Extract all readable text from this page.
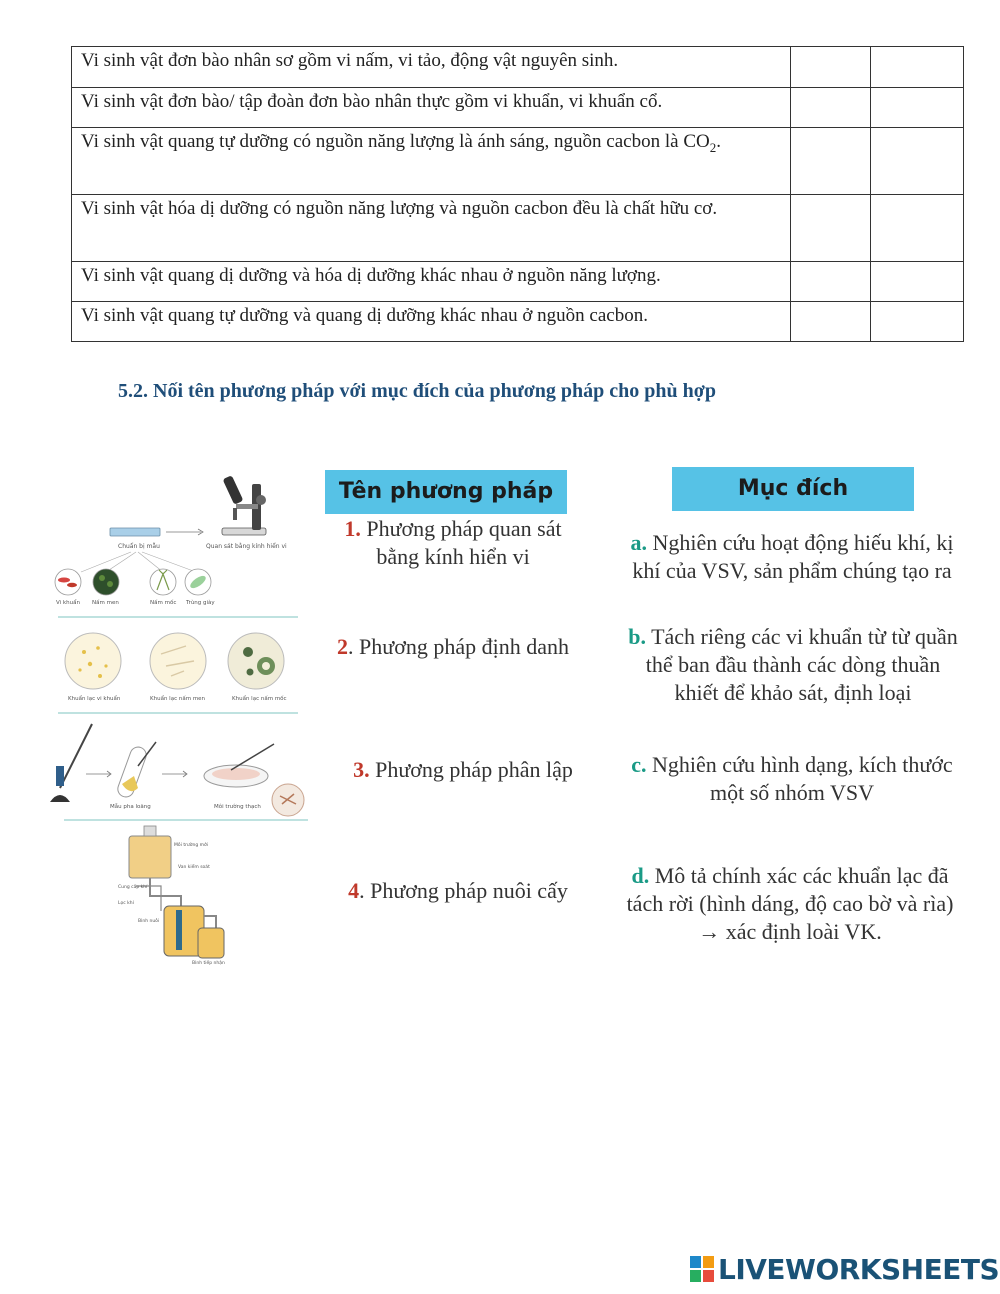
Vi sinh vật đơn bào nhân sơ gồm vi nấm, vi tảo, động vật nguyên sinh.		
Vi sinh vật đơn bào/ tập đoàn đơn bào nhân thực gồm vi khuẩn, vi khuẩn cổ.		
Vi sinh vật quang tự dưỡng có nguồn năng lượng là ánh sáng, nguồn cacbon là $CO_2$.		
Vi sinh vật hóa dị dưỡng có nguồn năng lượng và nguồn cacbon đều là chất hữu cơ.		
Vi sinh vật quang dị dưỡng và hóa dị dưỡng khác nhau ở nguồn năng lượng.		
Vi sinh vật quang tự dưỡng và quang dị dưỡng khác nhau ở nguồn cacbon.		
5.2. Nối tên phương pháp với mục đích của phương pháp cho phù hợp
Chuẩn bị mẫu	Quan sát bằng kính hiển vi
Vi khuẩn Nấm men	Nấm mốc Trùng giày
Khuẩn lạc vi khuẩn	Khuẩn lạc nấm men	Khuẩn lạc nấm mốc
Mẫu pha loãng	Môi trường thạch
Môi trường mới
Van kiểm soát
Cung cấp khí
Lọc khí
Bình nuôi
Bình tiếp nhận
Tên phương pháp	Mục đích
1. Phương pháp quan sát bằng kính hiển vi
2. Phương pháp định danh
3. Phương pháp phân lập
4. Phương pháp nuôi cấy
a. Nghiên cứu hoạt động hiếu khí, kị khí của VSV, sản phẩm chúng tạo ra
b. Tách riêng các vi khuẩn từ từ quần thể ban đầu thành các dòng thuần khiết để khảo sát, định loại
c. Nghiên cứu hình dạng, kích thước một số nhóm VSV
d. Mô tả chính xác các khuẩn lạc đã tách rời (hình dáng, độ cao bờ và rìa) → xác định loài VK.
LIVEWORKSHEETS
